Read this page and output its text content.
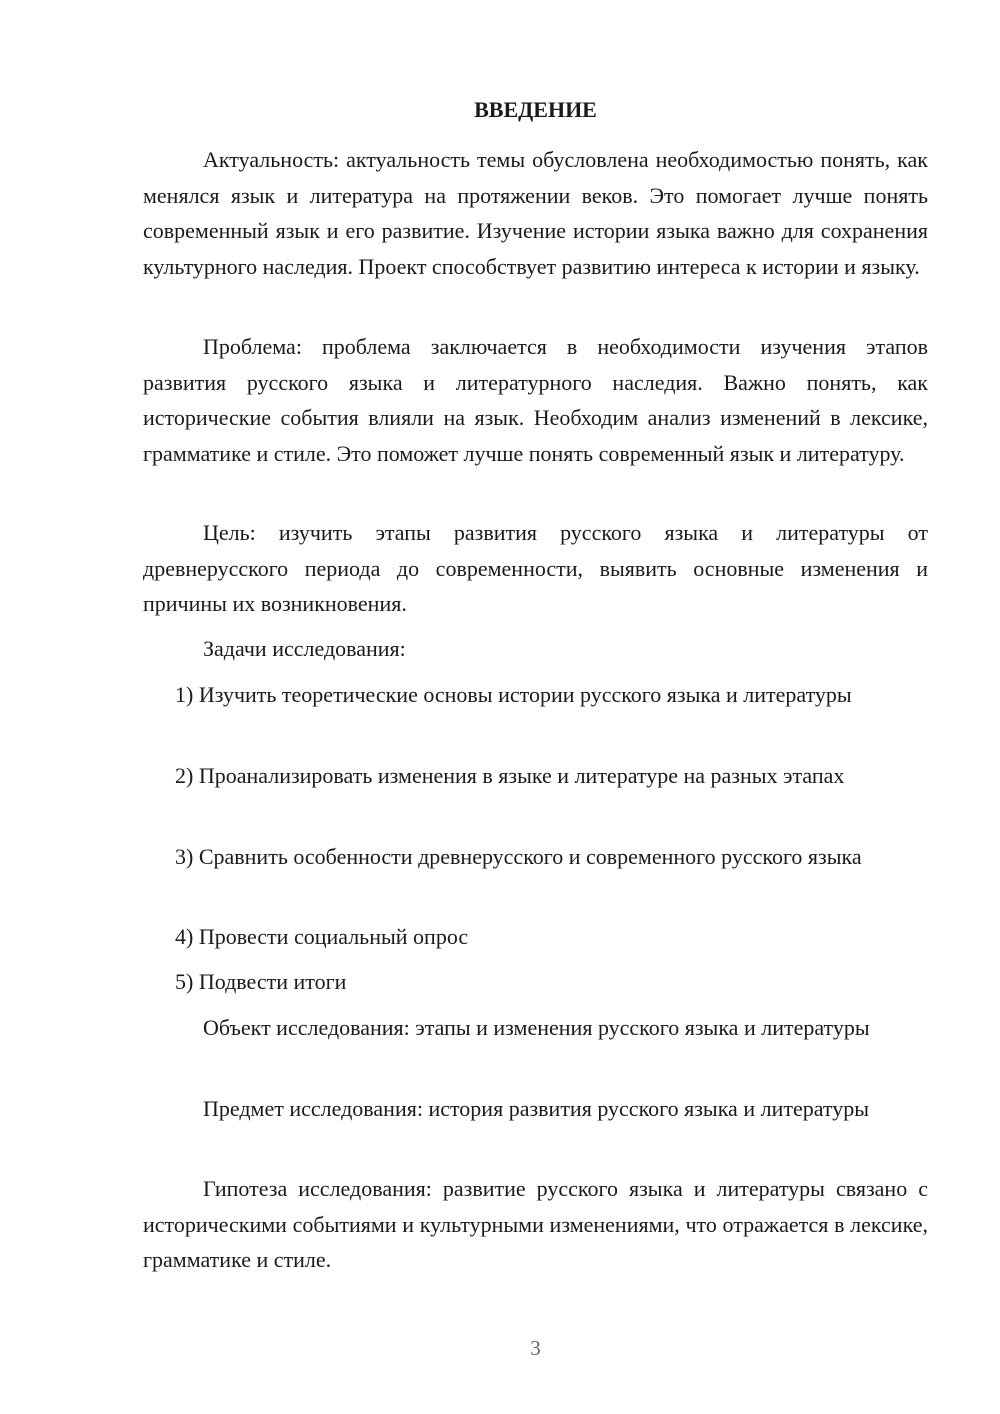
ВВЕДЕНИЕ

Актуальность: актуальность темы обусловлена необходимостью понять, как менялся язык и литература на протяжении веков. Это помогает лучше понять современный язык и его развитие. Изучение истории языка важно для сохранения культурного наследия. Проект способствует развитию интереса к истории и языку.

Проблема: проблема заключается в необходимости изучения этапов развития русского языка и литературного наследия. Важно понять, как исторические события влияли на язык. Необходим анализ изменений в лексике, грамматике и стиле. Это поможет лучше понять современный язык и литературу.

Цель: изучить этапы развития русского языка и литературы от древнерусского периода до современности, выявить основные изменения и причины их возникновения.

Задачи исследования:

1) Изучить теоретические основы истории русского языка и литературы

2) Проанализировать изменения в языке и литературе на разных этапах

3) Сравнить особенности древнерусского и современного русского языка

4) Провести социальный опрос

5) Подвести итоги

Объект исследования: этапы и изменения русского языка и литературы

Предмет исследования: история развития русского языка и литературы

Гипотеза исследования: развитие русского языка и литературы связано с историческими событиями и культурными изменениями, что отражается в лексике, грамматике и стиле.

3
